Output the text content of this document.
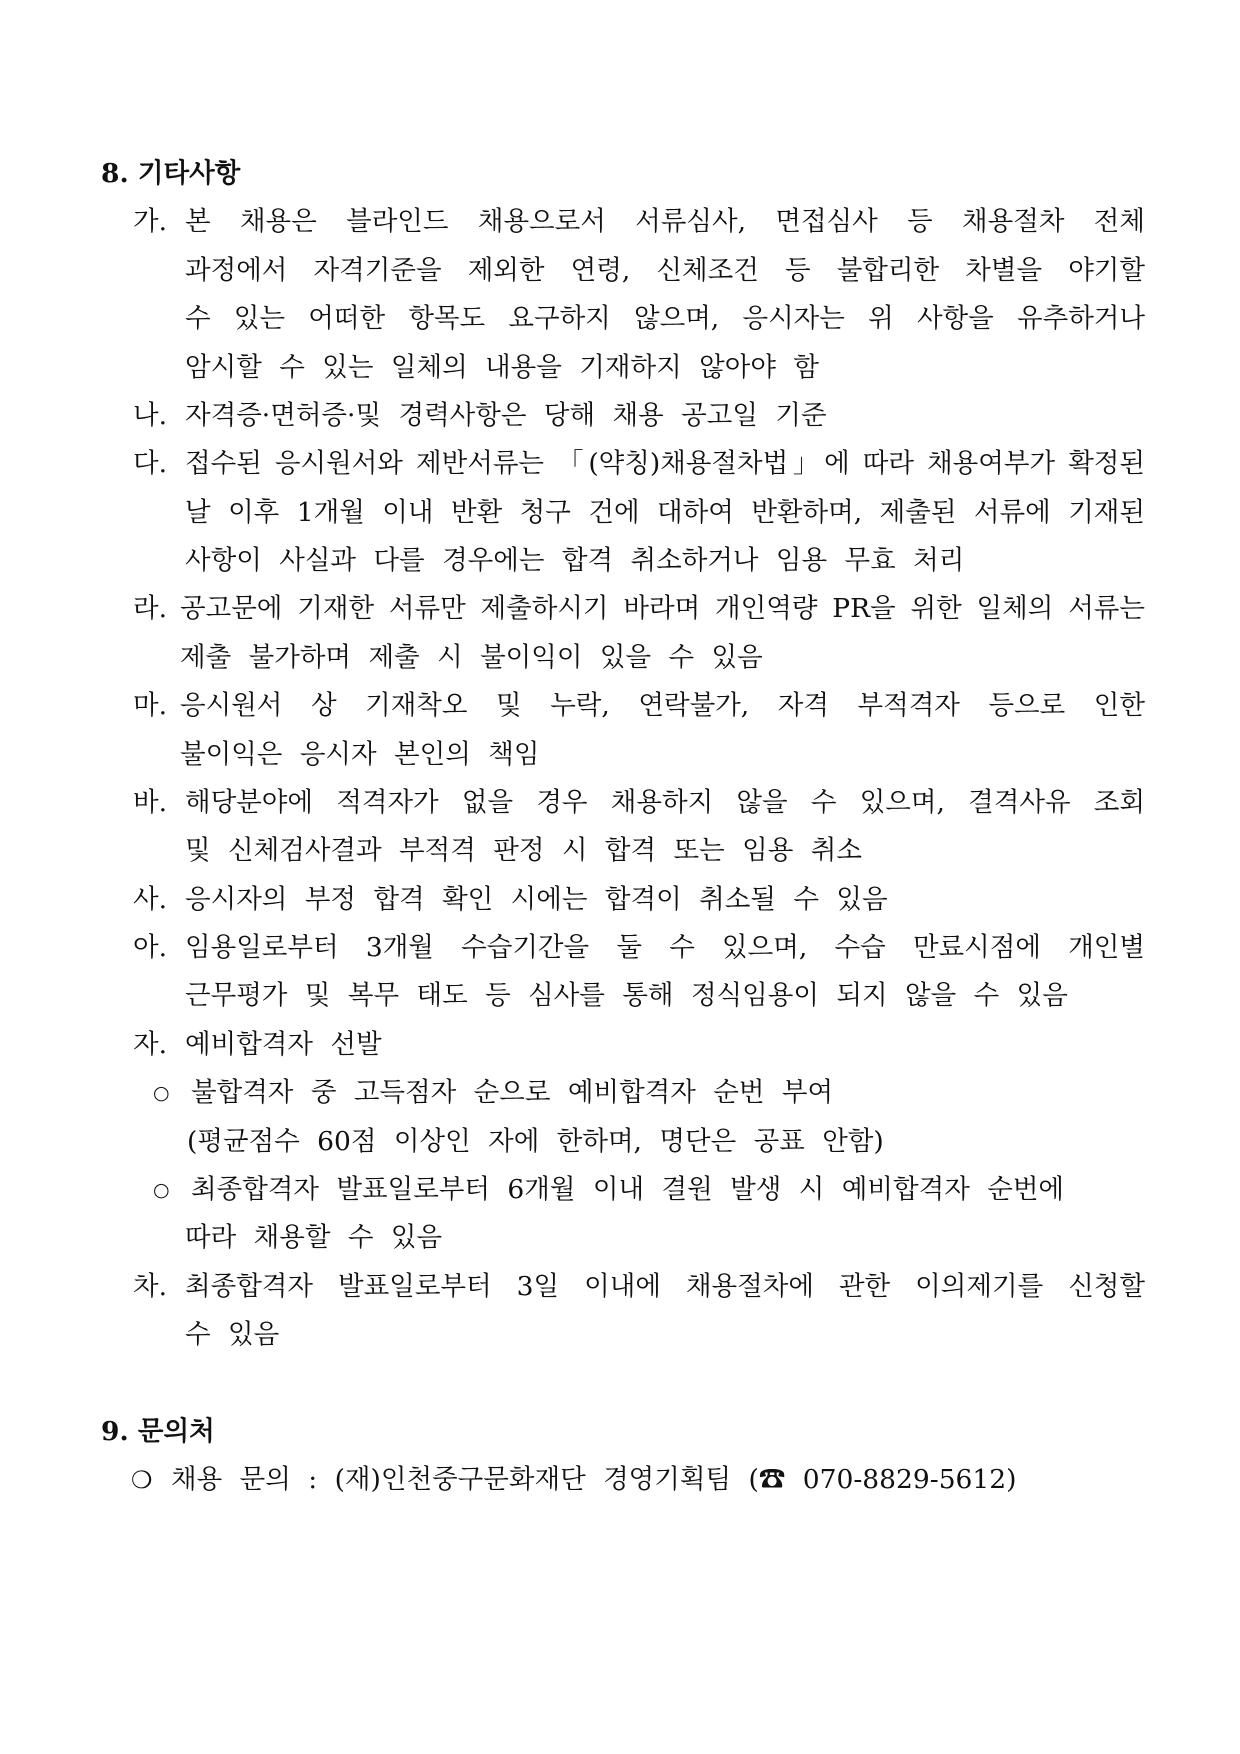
8. 기타사항
가. 본 채용은 블라인드 채용으로서 서류심사, 면접심사 등 채용절차 전체
과정에서 자격기준을 제외한 연령, 신체조건 등 불합리한 차별을 야기할
수 있는 어떠한 항목도 요구하지 않으며, 응시자는 위 사항을 유추하거나
암시할 수 있는 일체의 내용을 기재하지 않아야 함
나. 자격증·면허증·및 경력사항은 당해 채용 공고일 기준
다. 접수된 응시원서와 제반서류는 「(약칭)채용절차법」에 따라 채용여부가 확정된
날 이후 1개월 이내 반환 청구 건에 대하여 반환하며, 제출된 서류에 기재된
사항이 사실과 다를 경우에는 합격 취소하거나 임용 무효 처리
라. 공고문에 기재한 서류만 제출하시기 바라며 개인역량 PR을 위한 일체의 서류는
제출 불가하며 제출 시 불이익이 있을 수 있음
마. 응시원서 상 기재착오 및 누락, 연락불가, 자격 부적격자 등으로 인한
불이익은 응시자 본인의 책임
바. 해당분야에 적격자가 없을 경우 채용하지 않을 수 있으며, 결격사유 조회
및 신체검사결과 부적격 판정 시 합격 또는 임용 취소
사. 응시자의 부정 합격 확인 시에는 합격이 취소될 수 있음
아. 임용일로부터 3개월 수습기간을 둘 수 있으며, 수습 만료시점에 개인별
근무평가 및 복무 태도 등 심사를 통해 정식임용이 되지 않을 수 있음
자. 예비합격자 선발
○ 불합격자 중 고득점자 순으로 예비합격자 순번 부여
(평균점수 60점 이상인 자에 한하며, 명단은 공표 안함)
○ 최종합격자 발표일로부터 6개월 이내 결원 발생 시 예비합격자 순번에
따라 채용할 수 있음
차. 최종합격자 발표일로부터 3일 이내에 채용절차에 관한 이의제기를 신청할
수 있음
9. 문의처
❍ 채용 문의 : (재)인천중구문화재단 경영기획팀 (☎ 070-8829-5612)
